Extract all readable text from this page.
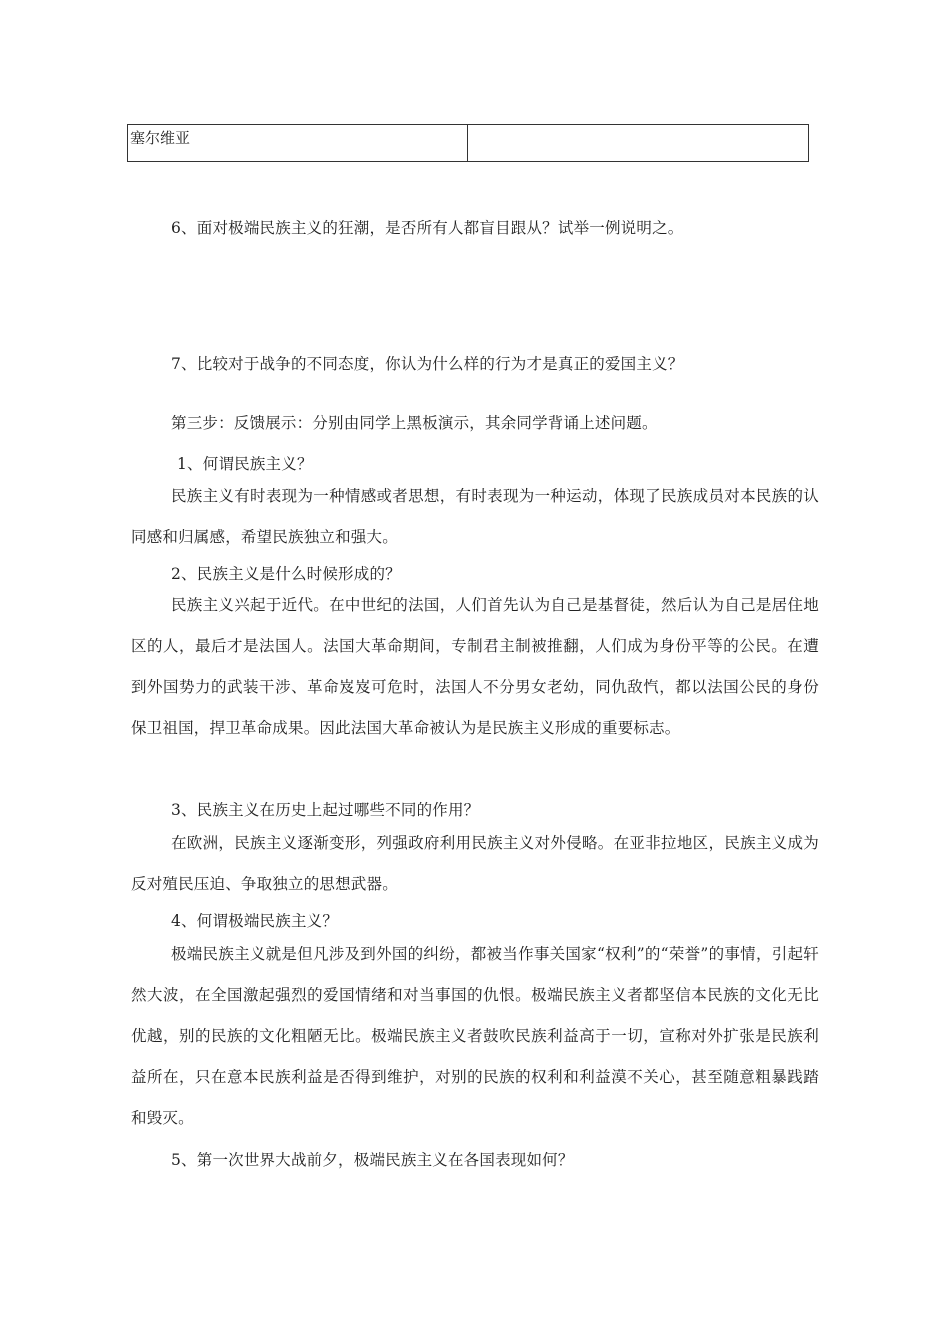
塞尔维亚	
6、面对极端民族主义的狂潮，是否所有人都盲目跟从？试举一例说明之。
7、比较对于战争的不同态度，你认为什么样的行为才是真正的爱国主义？
第三步：反馈展示：分别由同学上黑板演示，其余同学背诵上述问题。
1、何谓民族主义？

民族主义有时表现为一种情感或者思想，有时表现为一种运动，体现了民族成员对本民族的认同感和归属感，希望民族独立和强大。

2、民族主义是什么时候形成的？

民族主义兴起于近代。在中世纪的法国，人们首先认为自己是基督徒，然后认为自己是居住地区的人，最后才是法国人。法国大革命期间，专制君主制被推翻，人们成为身份平等的公民。在遭到外国势力的武装干涉、革命岌岌可危时，法国人不分男女老幼，同仇敌忾，都以法国公民的身份保卫祖国，捍卫革命成果。因此法国大革命被认为是民族主义形成的重要标志。

3、民族主义在历史上起过哪些不同的作用？

在欧洲，民族主义逐渐变形，列强政府利用民族主义对外侵略。在亚非拉地区，民族主义成为反对殖民压迫、争取独立的思想武器。

4、何谓极端民族主义？

极端民族主义就是但凡涉及到外国的纠纷，都被当作事关国家“权利”的“荣誉”的事情，引起轩然大波，在全国激起强烈的爱国情绪和对当事国的仇恨。极端民族主义者都坚信本民族的文化无比优越，别的民族的文化粗陋无比。极端民族主义者鼓吹民族利益高于一切，宣称对外扩张是民族利益所在，只在意本民族利益是否得到维护，对别的民族的权利和利益漠不关心，甚至随意粗暴践踏和毁灭。

5、第一次世界大战前夕，极端民族主义在各国表现如何？
